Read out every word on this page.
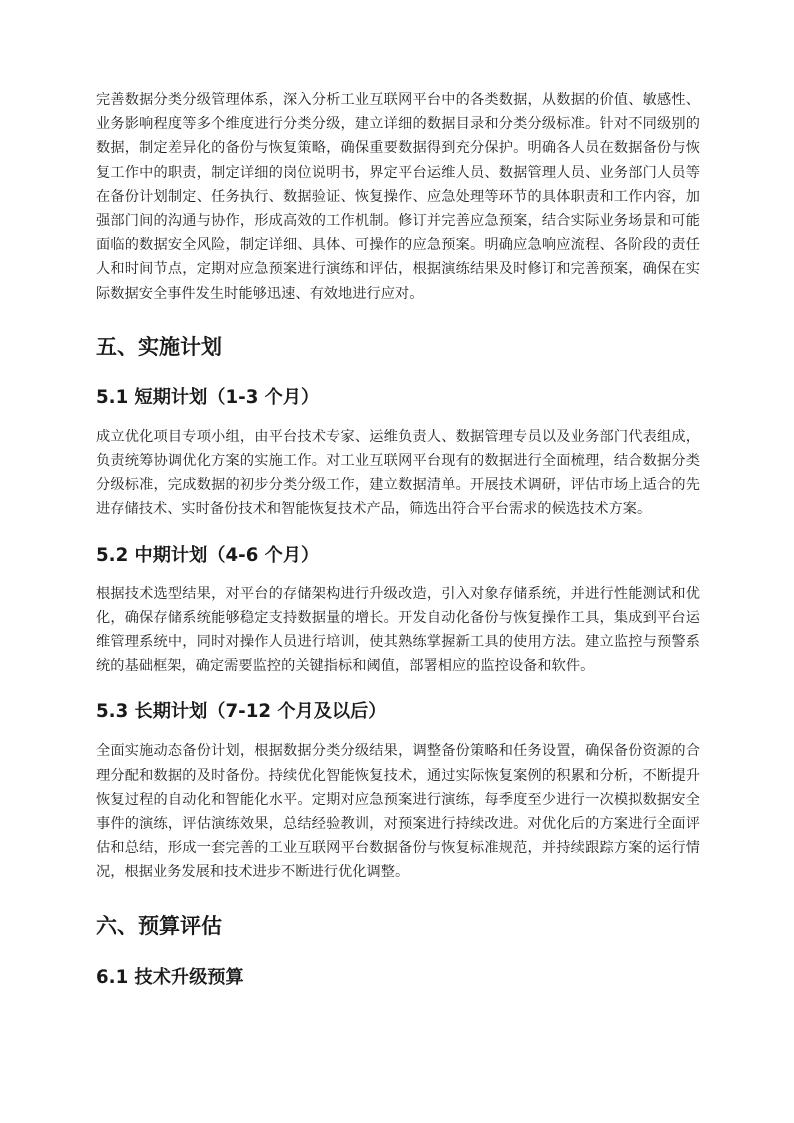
完善数据分类分级管理体系，深入分析工业互联网平台中的各类数据，从数据的价值、敏感性、业务影响程度等多个维度进行分类分级，建立详细的数据目录和分类分级标准。针对不同级别的数据，制定差异化的备份与恢复策略，确保重要数据得到充分保护。明确各人员在数据备份与恢复工作中的职责，制定详细的岗位说明书，界定平台运维人员、数据管理人员、业务部门人员等在备份计划制定、任务执行、数据验证、恢复操作、应急处理等环节的具体职责和工作内容，加强部门间的沟通与协作，形成高效的工作机制。修订并完善应急预案，结合实际业务场景和可能面临的数据安全风险，制定详细、具体、可操作的应急预案。明确应急响应流程、各阶段的责任人和时间节点，定期对应急预案进行演练和评估，根据演练结果及时修订和完善预案，确保在实际数据安全事件发生时能够迅速、有效地进行应对。

五、实施计划
5.1 短期计划（1-3 个月）

成立优化项目专项小组，由平台技术专家、运维负责人、数据管理专员以及业务部门代表组成，负责统筹协调优化方案的实施工作。对工业互联网平台现有的数据进行全面梳理，结合数据分类分级标准，完成数据的初步分类分级工作，建立数据清单。开展技术调研，评估市场上适合的先进存储技术、实时备份技术和智能恢复技术产品，筛选出符合平台需求的候选技术方案。

5.2 中期计划（4-6 个月）

根据技术选型结果，对平台的存储架构进行升级改造，引入对象存储系统，并进行性能测试和优化，确保存储系统能够稳定支持数据量的增长。开发自动化备份与恢复操作工具，集成到平台运维管理系统中，同时对操作人员进行培训，使其熟练掌握新工具的使用方法。建立监控与预警系统的基础框架，确定需要监控的关键指标和阈值，部署相应的监控设备和软件。

5.3 长期计划（7-12 个月及以后）

全面实施动态备份计划，根据数据分类分级结果，调整备份策略和任务设置，确保备份资源的合理分配和数据的及时备份。持续优化智能恢复技术，通过实际恢复案例的积累和分析，不断提升恢复过程的自动化和智能化水平。定期对应急预案进行演练，每季度至少进行一次模拟数据安全事件的演练，评估演练效果，总结经验教训，对预案进行持续改进。对优化后的方案进行全面评估和总结，形成一套完善的工业互联网平台数据备份与恢复标准规范，并持续跟踪方案的运行情况，根据业务发展和技术进步不断进行优化调整。

六、预算评估
6.1 技术升级预算
